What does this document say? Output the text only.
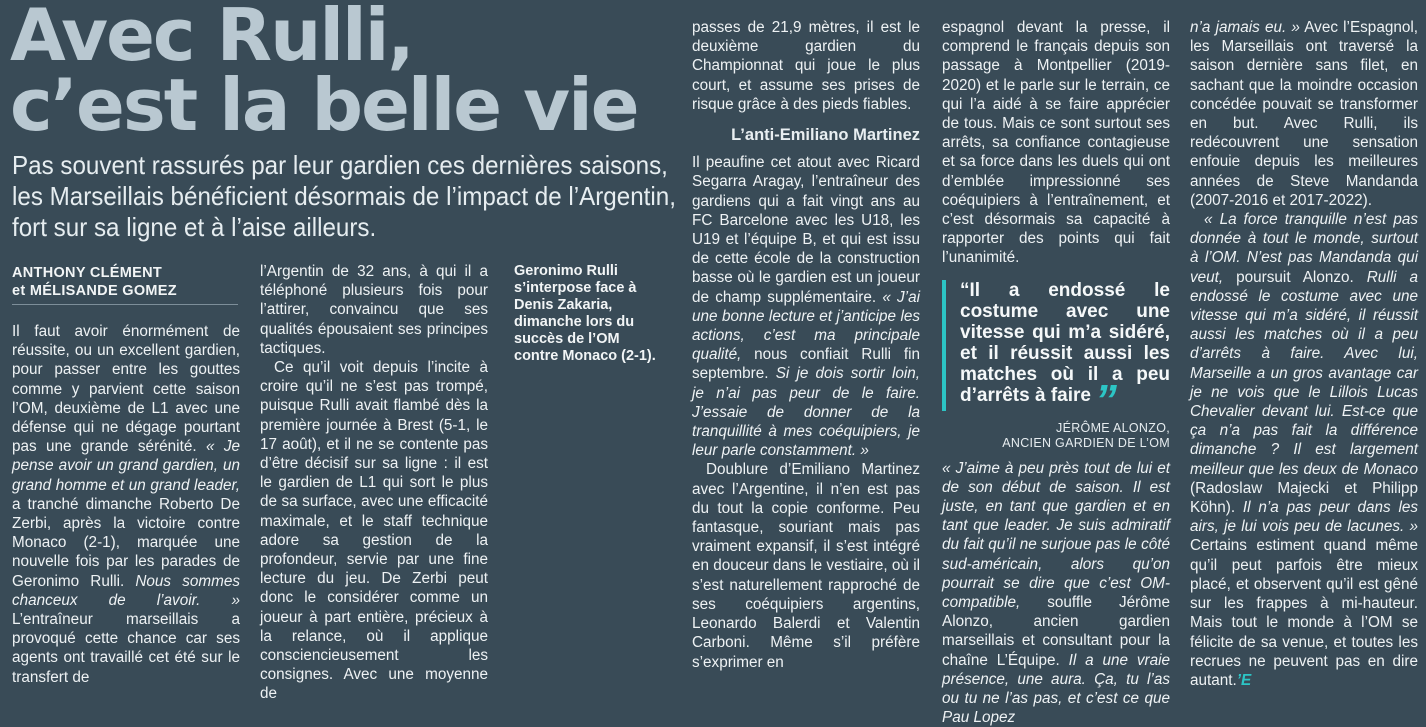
Avec Rulli,
c’est la belle vie

Pas souvent rassurés par leur gardien ces dernières saisons, les Marseillais bénéficient désormais de l’impact de l’Argentin, fort sur sa ligne et à l’aise ailleurs.

ANTHONY CLÉMENT
et MÉLISANDE GOMEZ

Il faut avoir énormément de réussite, ou un excellent gardien, pour passer entre les gouttes comme y parvient cette saison l’OM, deuxième de L1 avec une défense qui ne dégage pourtant pas une grande sérénité. « Je pense avoir un grand gardien, un grand homme et un grand leader, a tranché dimanche Roberto De Zerbi, après la victoire contre Monaco (2-1), marquée une nouvelle fois par les parades de Geronimo Rulli. Nous sommes chanceux de l’avoir. » L’entraîneur marseillais a provoqué cette chance car ses agents ont travaillé cet été sur le transfert de

l’Argentin de 32 ans, à qui il a téléphoné plusieurs fois pour l’attirer, convaincu que ses qualités épousaient ses principes tactiques.

Ce qu’il voit depuis l’incite à croire qu’il ne s’est pas trompé, puisque Rulli avait flambé dès la première journée à Brest (5-1, le 17 août), et il ne se contente pas d’être décisif sur sa ligne : il est le gardien de L1 qui sort le plus de sa surface, avec une efficacité maximale, et le staff technique adore sa gestion de la profondeur, servie par une fine lecture du jeu. De Zerbi peut donc le considérer comme un joueur à part entière, précieux à la relance, où il applique consciencieusement les consignes. Avec une moyenne de

Geronimo Rulli s’interpose face à Denis Zakaria, dimanche lors du succès de l’OM contre Monaco (2-1).

passes de 21,9 mètres, il est le deuxième gardien du Championnat qui joue le plus court, et assume ses prises de risque grâce à des pieds fiables.

L’anti-Emiliano Martinez

Il peaufine cet atout avec Ricard Segarra Aragay, l’entraîneur des gardiens qui a fait vingt ans au FC Barcelone avec les U18, les U19 et l’équipe B, et qui est issu de cette école de la construction basse où le gardien est un joueur de champ supplémentaire. « J’ai une bonne lecture et j’anticipe les actions, c’est ma principale qualité, nous confiait Rulli fin septembre. Si je dois sortir loin, je n’ai pas peur de le faire. J’essaie de donner de la tranquillité à mes coéquipiers, je leur parle constamment. »

Doublure d’Emiliano Martinez avec l’Argentine, il n’en est pas du tout la copie conforme. Peu fantasque, souriant mais pas vraiment expansif, il s’est intégré en douceur dans le vestiaire, où il s’est naturellement rapproché de ses coéquipiers argentins, Leonardo Balerdi et Valentin Carboni. Même s’il préfère s’exprimer en

espagnol devant la presse, il comprend le français depuis son passage à Montpellier (2019-2020) et le parle sur le terrain, ce qui l’a aidé à se faire apprécier de tous. Mais ce sont surtout ses arrêts, sa confiance contagieuse et sa force dans les duels qui ont d’emblée impressionné ses coéquipiers à l’entraînement, et c’est désormais sa capacité à rapporter des points qui fait l’unanimité.

“Il a endossé le costume avec une vitesse qui m’a sidéré, et il réussit aussi les matches où il a peu d’arrêts à faire”
JÉRÔME ALONZO,
ANCIEN GARDIEN DE L’OM

« J’aime à peu près tout de lui et de son début de saison. Il est juste, en tant que gardien et en tant que leader. Je suis admiratif du fait qu’il ne surjoue pas le côté sud-américain, alors qu’on pourrait se dire que c’est OM-compatible, souffle Jérôme Alonzo, ancien gardien marseillais et consultant pour la chaîne L’Équipe. Il a une vraie présence, une aura. Ça, tu l’as ou tu ne l’as pas, et c’est ce que Pau Lopez

n’a jamais eu. » Avec l’Espagnol, les Marseillais ont traversé la saison dernière sans filet, en sachant que la moindre occasion concédée pouvait se transformer en but. Avec Rulli, ils redécouvrent une sensation enfouie depuis les meilleures années de Steve Mandanda (2007-2016 et 2017-2022).

« La force tranquille n’est pas donnée à tout le monde, surtout à l’OM. N’est pas Mandanda qui veut, poursuit Alonzo. Rulli a endossé le costume avec une vitesse qui m’a sidéré, il réussit aussi les matches où il a peu d’arrêts à faire. Avec lui, Marseille a un gros avantage car je ne vois que le Lillois Lucas Chevalier devant lui. Est-ce que ça n’a pas fait la différence dimanche ? Il est largement meilleur que les deux de Monaco (Radoslaw Majecki et Philipp Köhn). Il n’a pas peur dans les airs, je lui vois peu de lacunes. » Certains estiment quand même qu’il peut parfois être mieux placé, et observent qu’il est gêné sur les frappes à mi-hauteur. Mais tout le monde à l’OM se félicite de sa venue, et toutes les recrues ne peuvent pas en dire autant.’E
